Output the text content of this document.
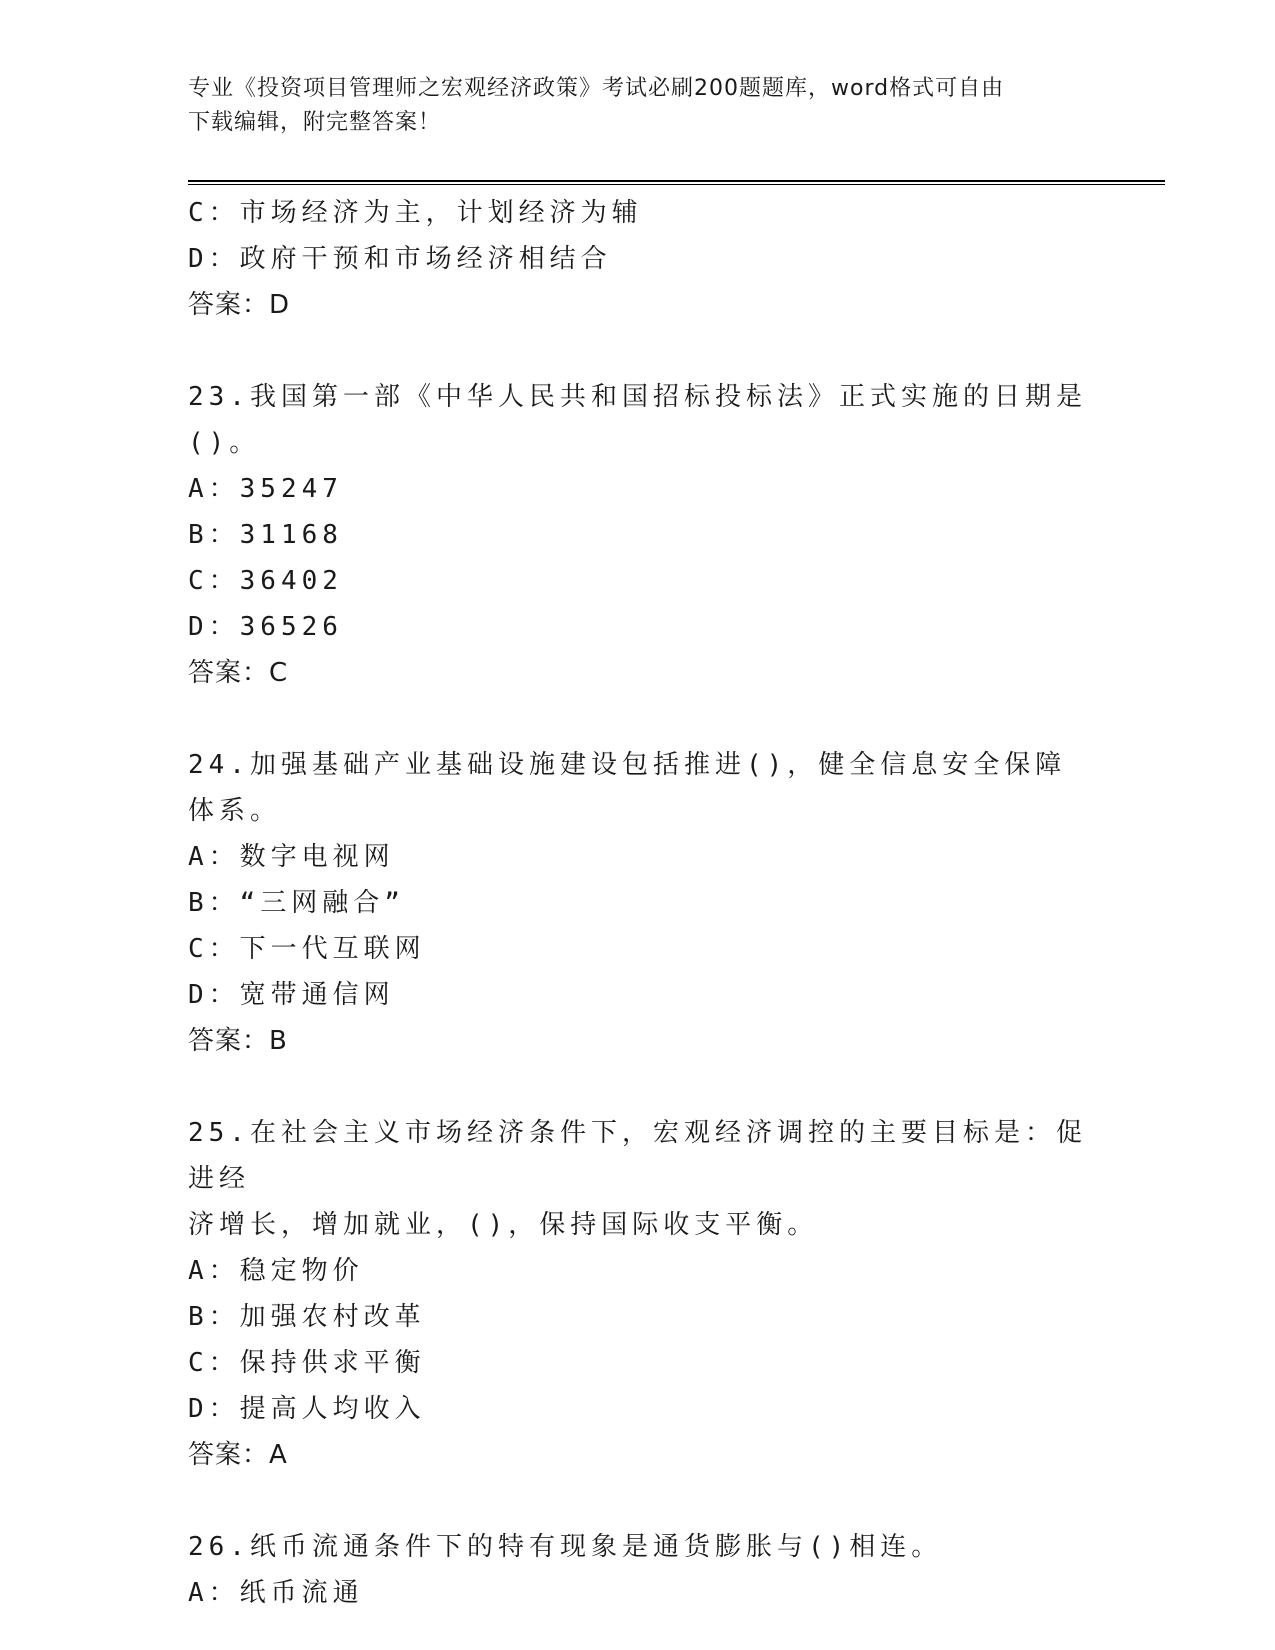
专业《投资项目管理师之宏观经济政策》考试必刷200题题库，word格式可自由
下载编辑，附完整答案！

C：市场经济为主，计划经济为辅

D：政府干预和市场经济相结合

答案：D

23.我国第一部《中华人民共和国招标投标法》正式实施的日期是()。

A：35247

B：31168

C：36402

D：36526

答案：C

24.加强基础产业基础设施建设包括推进()，健全信息安全保障体系。

A：数字电视网

B：“三网融合”

C：下一代互联网

D：宽带通信网

答案：B

25.在社会主义市场经济条件下，宏观经济调控的主要目标是：促进经

济增长，增加就业，()，保持国际收支平衡。

A：稳定物价

B：加强农村改革

C：保持供求平衡

D：提高人均收入

答案：A

26.纸币流通条件下的特有现象是通货膨胀与()相连。

A：纸币流通
